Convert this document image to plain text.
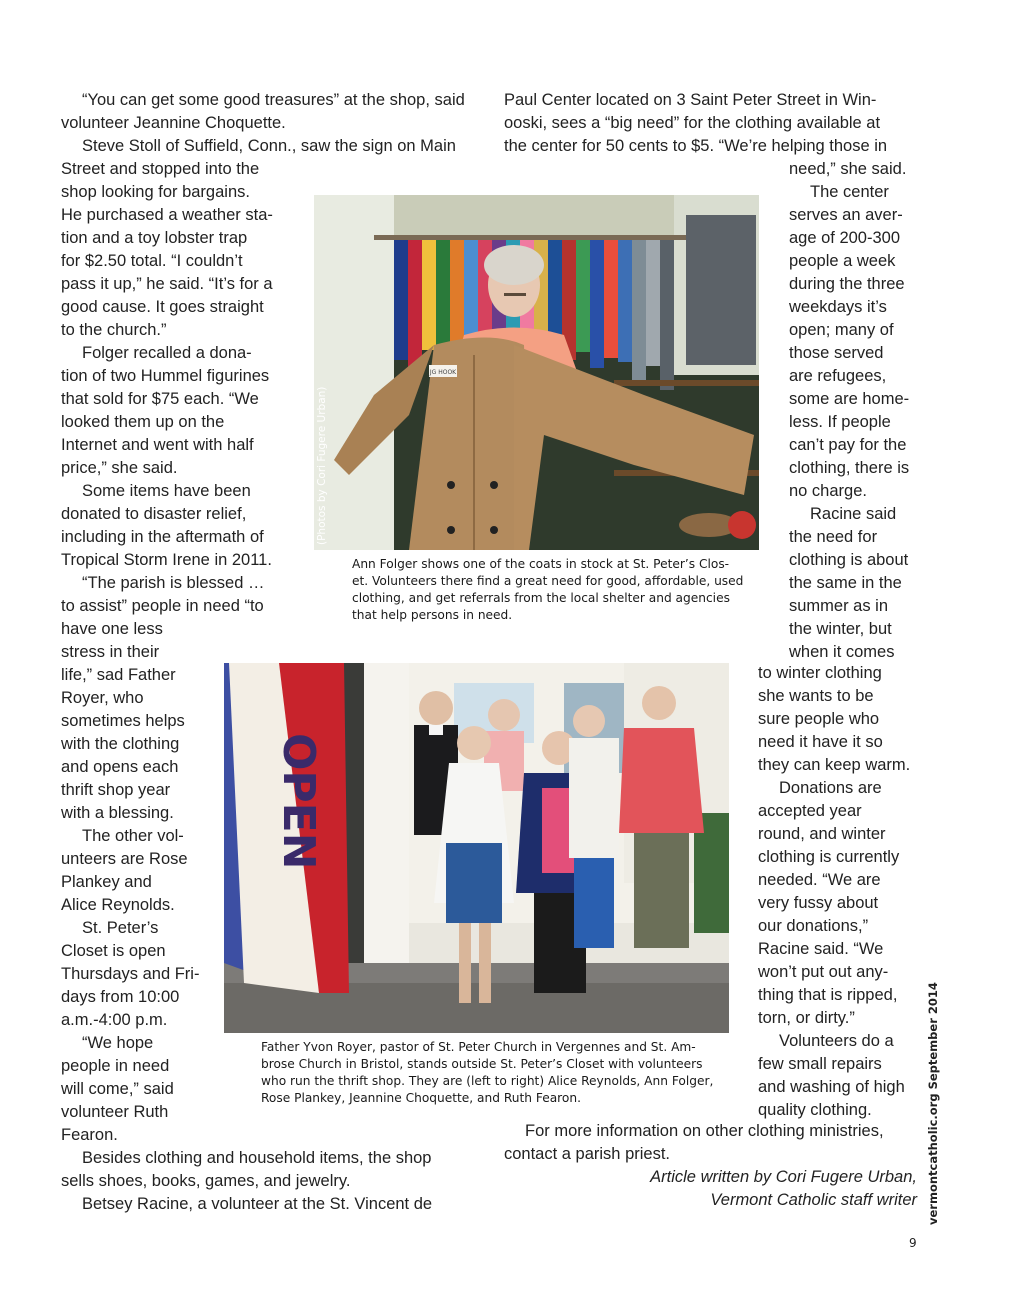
JG HOOK
(Photos by Cori Fugere Urban)
OPEN
Ann Folger shows one of the coats in stock at St. Peter’s Clos-
et. Volunteers there find a great need for good, affordable, used
clothing, and get referrals from the local shelter and agencies
that help persons in need.
Father Yvon Royer, pastor of St. Peter Church in Vergennes and St. Am-
brose Church in Bristol, stands outside St. Peter’s Closet with volunteers
who run the thrift shop. They are (left to right) Alice Reynolds, Ann Folger,
Rose Plankey, Jeannine Choquette, and Ruth Fearon.
“You can get some good treasures” at the shop, said
volunteer Jeannine Choquette.
Steve Stoll of Suffield, Conn., saw the sign on Main
Street and stopped into the
shop looking for bargains.
He purchased a weather sta-
tion and a toy lobster trap
for $2.50 total. “I couldn’t
pass it up,” he said. “It’s for a
good cause. It goes straight
to the church.”
Folger recalled a dona-
tion of two Hummel figurines
that sold for $75 each. “We
looked them up on the
Internet and went with half
price,” she said.
Some items have been
donated to disaster relief,
including in the aftermath of
Tropical Storm Irene in 2011.
“The parish is blessed …
to assist” people in need “to
have one less
stress in their
life,” sad Father
Royer, who
sometimes helps
with the clothing
and opens each
thrift shop year
with a blessing.
The other vol-
unteers are Rose
Plankey and
Alice Reynolds.
St. Peter’s
Closet is open
Thursdays and Fri-
days from 10:00
a.m.-4:00 p.m.
“We hope
people in need
will come,” said
volunteer Ruth
Fearon.
Besides clothing and household items, the shop
sells shoes, books, games, and jewelry.
Betsey Racine, a volunteer at the St. Vincent de
Paul Center located on 3 Saint Peter Street in Win-
ooski, sees a “big need” for the clothing available at
the center for 50 cents to $5. “We’re helping those in
need,” she said.
The center
serves an aver-
age of 200-300
people a week
during the three
weekdays it’s
open; many of
those served
are refugees,
some are home-
less. If people
can’t pay for the
clothing, there is
no charge.
Racine said
the need for
clothing is about
the same in the
summer as in
the winter, but
when it comes
to winter clothing
she wants to be
sure people who
need it have it so
they can keep warm.
Donations are
accepted year
round, and winter
clothing is currently
needed. “We are
very fussy about
our donations,”
Racine said. “We
won’t put out any-
thing that is ripped,
torn, or dirty.”
Volunteers do a
few small repairs
and washing of high
quality clothing.
For more information on other clothing ministries,
contact a parish priest.
Article written by Cori Fugere Urban,
Vermont Catholic staff writer vermontcatholic.org September 2014
9
